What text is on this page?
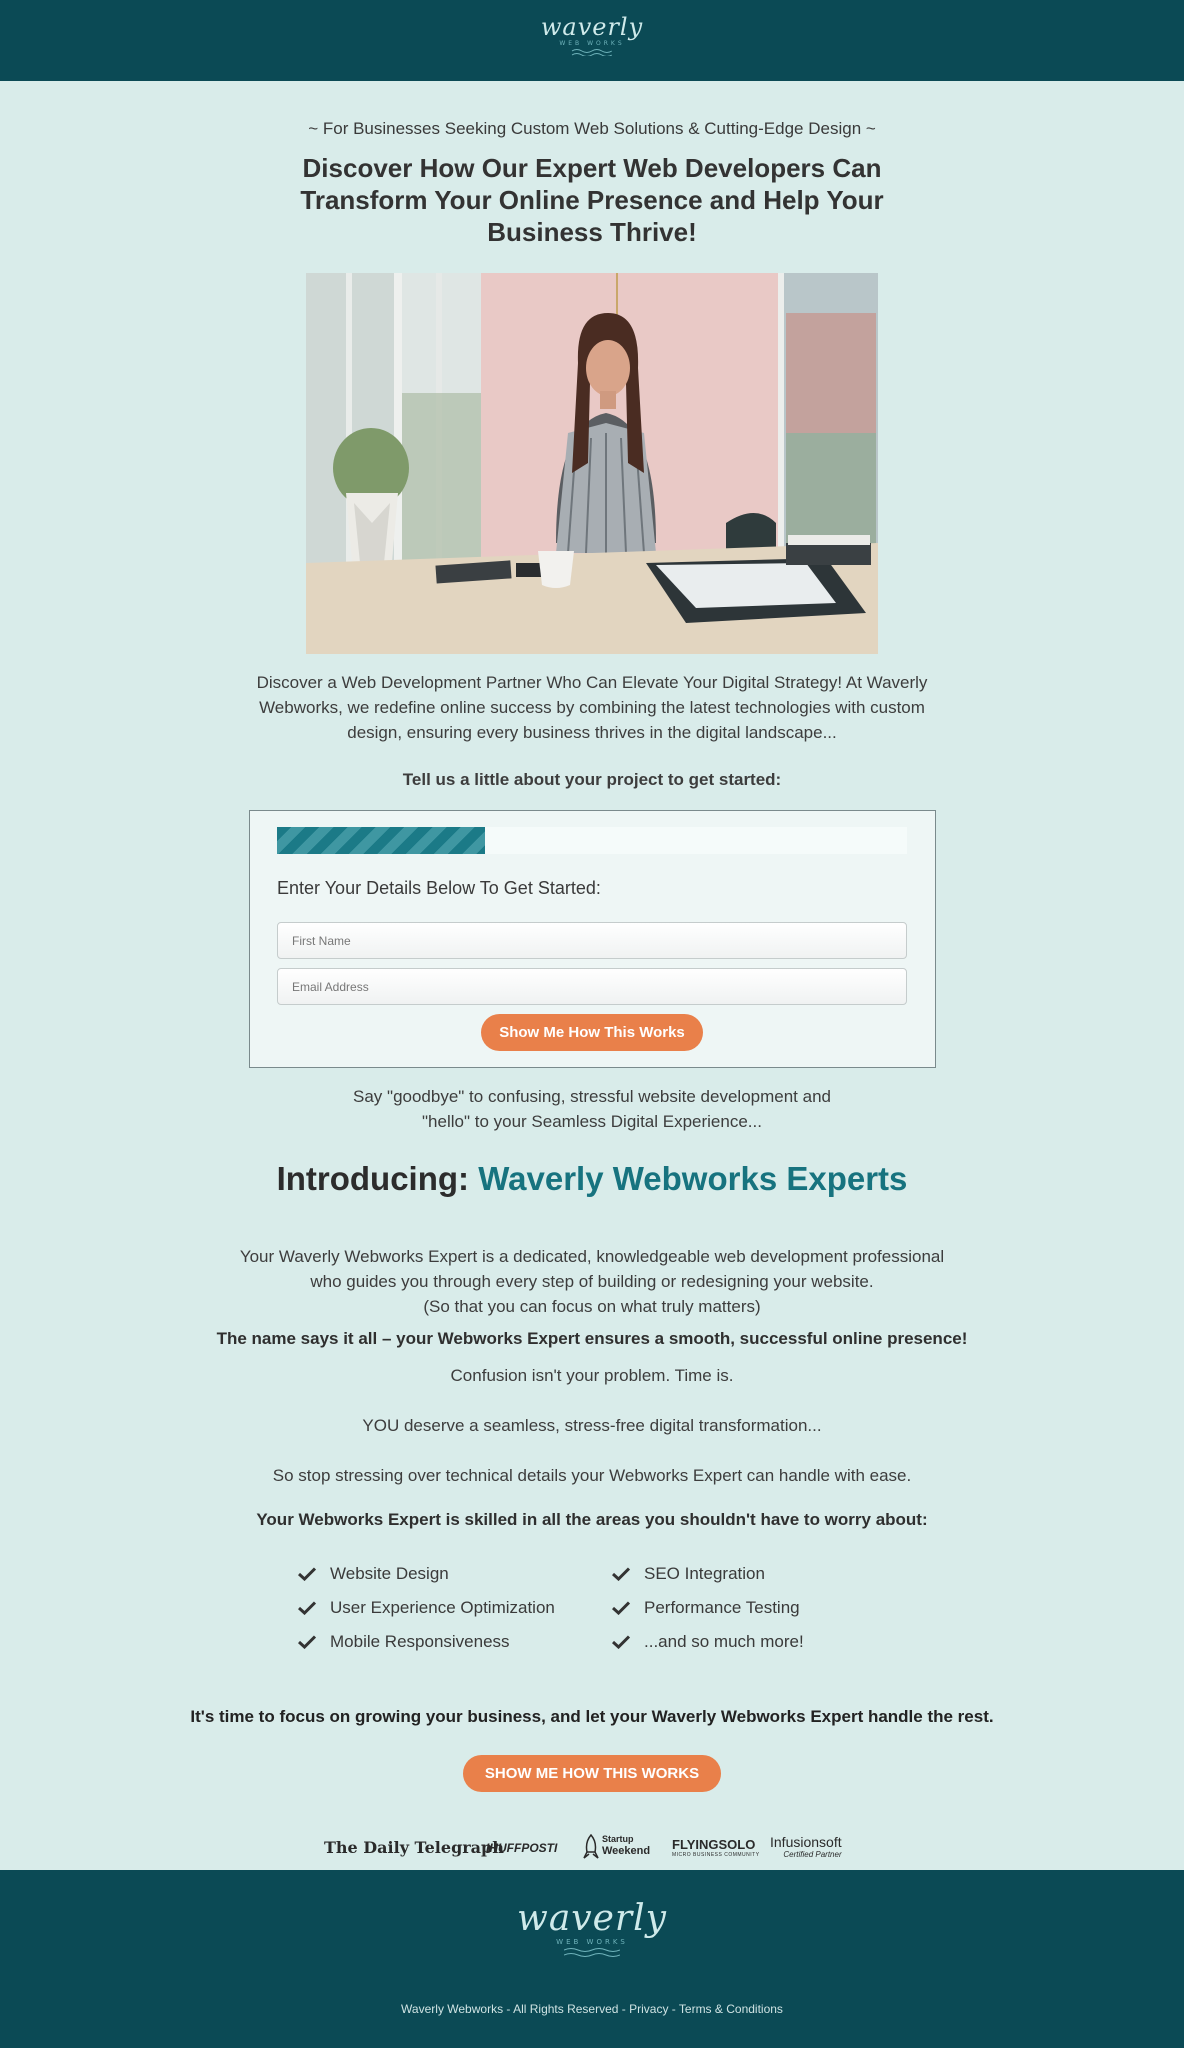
waverly
WEB WORKS
~ For Businesses Seeking Custom Web Solutions & Cutting-Edge Design ~
Discover How Our Expert Web Developers Can Transform Your Online Presence and Help Your Business Thrive!
Discover a Web Development Partner Who Can Elevate Your Digital Strategy! At Waverly Webworks, we redefine online success by combining the latest technologies with custom design, ensuring every business thrives in the digital landscape...
Tell us a little about your project to get started:
Enter Your Details Below To Get Started:
First Name
Email Address
Show Me How This Works
Say "goodbye" to confusing, stressful website development and
"hello" to your Seamless Digital Experience...
Introducing: Waverly Webworks Experts
Your Waverly Webworks Expert is a dedicated, knowledgeable web development professional
who guides you through every step of building or redesigning your website.
(So that you can focus on what truly matters)
The name says it all – your Webworks Expert ensures a smooth, successful online presence!
Confusion isn't your problem. Time is.
YOU deserve a seamless, stress-free digital transformation...
So stop stressing over technical details your Webworks Expert can handle with ease.
Your Webworks Expert is skilled in all the areas you shouldn't have to worry about:
Website Design
User Experience Optimization
Mobile Responsiveness
SEO Integration
Performance Testing
...and so much more!
It's time to focus on growing your business, and let your Waverly Webworks Expert handle the rest.
SHOW ME HOW THIS WORKS
The Daily Telegraph
IHUFFPOSTI
Startup
Weekend FLYINGSOLO
MICRO BUSINESS COMMUNITY
Infusionsoft
Certified Partner
waverly
WEB WORKS
Waverly Webworks - All Rights Reserved - Privacy - Terms & Conditions
